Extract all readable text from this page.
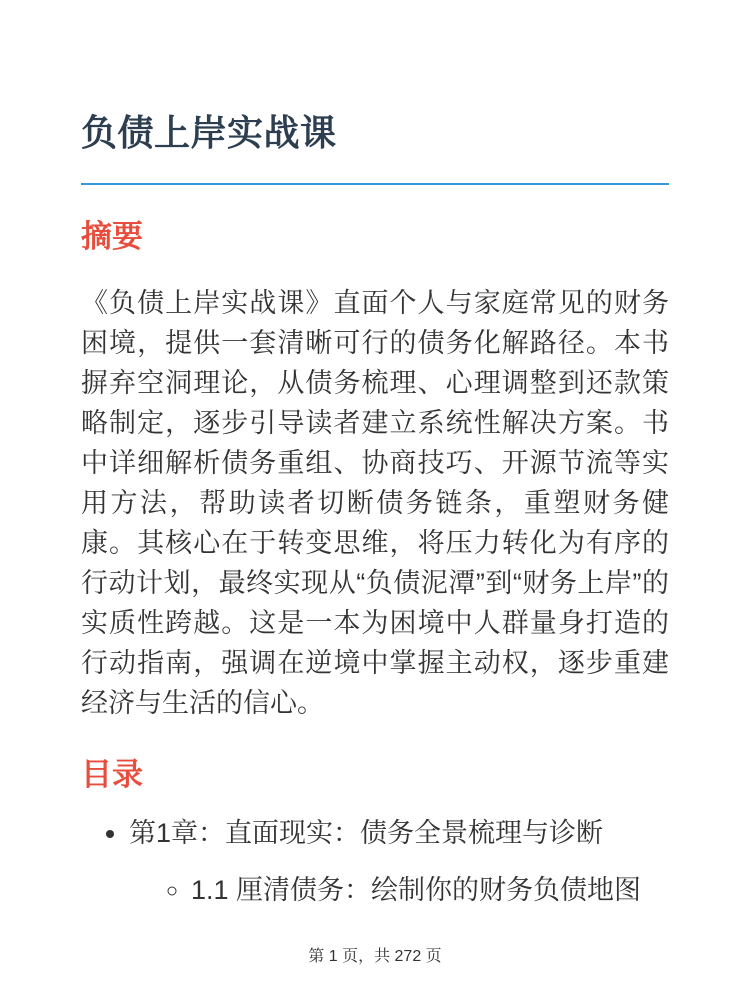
负债上岸实战课
摘要

《负债上岸实战课》直面个人与家庭常见的财务困境，提供一套清晰可行的债务化解路径。本书摒弃空洞理论，从债务梳理、心理调整到还款策略制定，逐步引导读者建立系统性解决方案。书中详细解析债务重组、协商技巧、开源节流等实用方法，帮助读者切断债务链条，重塑财务健康。其核心在于转变思维，将压力转化为有序的行动计划，最终实现从“负债泥潭”到“财务上岸”的实质性跨越。这是一本为困境中人群量身打造的行动指南，强调在逆境中掌握主动权，逐步重建经济与生活的信心。

目录
• 第1章：直面现实：债务全景梳理与诊断
◦ 1.1 厘清债务：绘制你的财务负债地图
第 1 页，共 272 页
